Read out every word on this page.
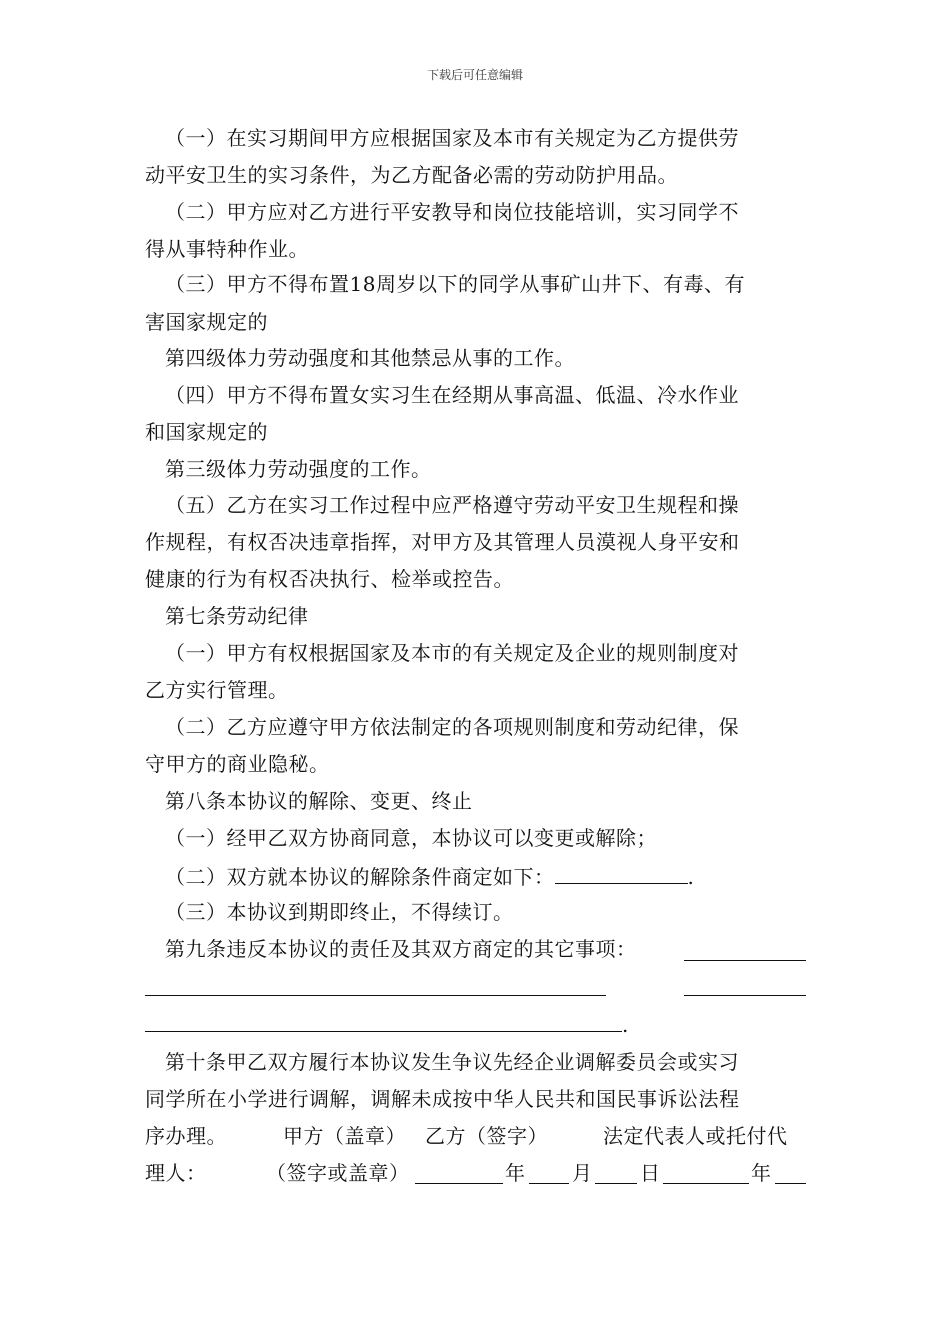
下载后可任意编辑
（一）在实习期间甲方应根据国家及本市有关规定为乙方提供劳
动平安卫生的实习条件，为乙方配备必需的劳动防护用品。
（二）甲方应对乙方进行平安教导和岗位技能培训，实习同学不
得从事特种作业。
（三）甲方不得布置18周岁以下的同学从事矿山井下、有毒、有
害国家规定的
第四级体力劳动强度和其他禁忌从事的工作。
（四）甲方不得布置女实习生在经期从事高温、低温、冷水作业
和国家规定的
第三级体力劳动强度的工作。
（五）乙方在实习工作过程中应严格遵守劳动平安卫生规程和操
作规程，有权否决违章指挥，对甲方及其管理人员漠视人身平安和
健康的行为有权否决执行、检举或控告。
第七条劳动纪律
（一）甲方有权根据国家及本市的有关规定及企业的规则制度对
乙方实行管理。
（二）乙方应遵守甲方依法制定的各项规则制度和劳动纪律，保
守甲方的商业隐秘。
第八条本协议的解除、变更、终止
（一）经甲乙双方协商同意，本协议可以变更或解除；
（二）双方就本协议的解除条件商定如下：	.
（三）本协议到期即终止，不得续订。
第九条违反本协议的责任及其双方商定的其它事项：
.
第十条甲乙双方履行本协议发生争议先经企业调解委员会或实习
同学所在小学进行调解，调解未成按中华人民共和国民事诉讼法程
序办理。	甲方（盖章） 乙方（签字）	法定代表人或托付代
理人：	（签字或盖章）	年 月 日	年
